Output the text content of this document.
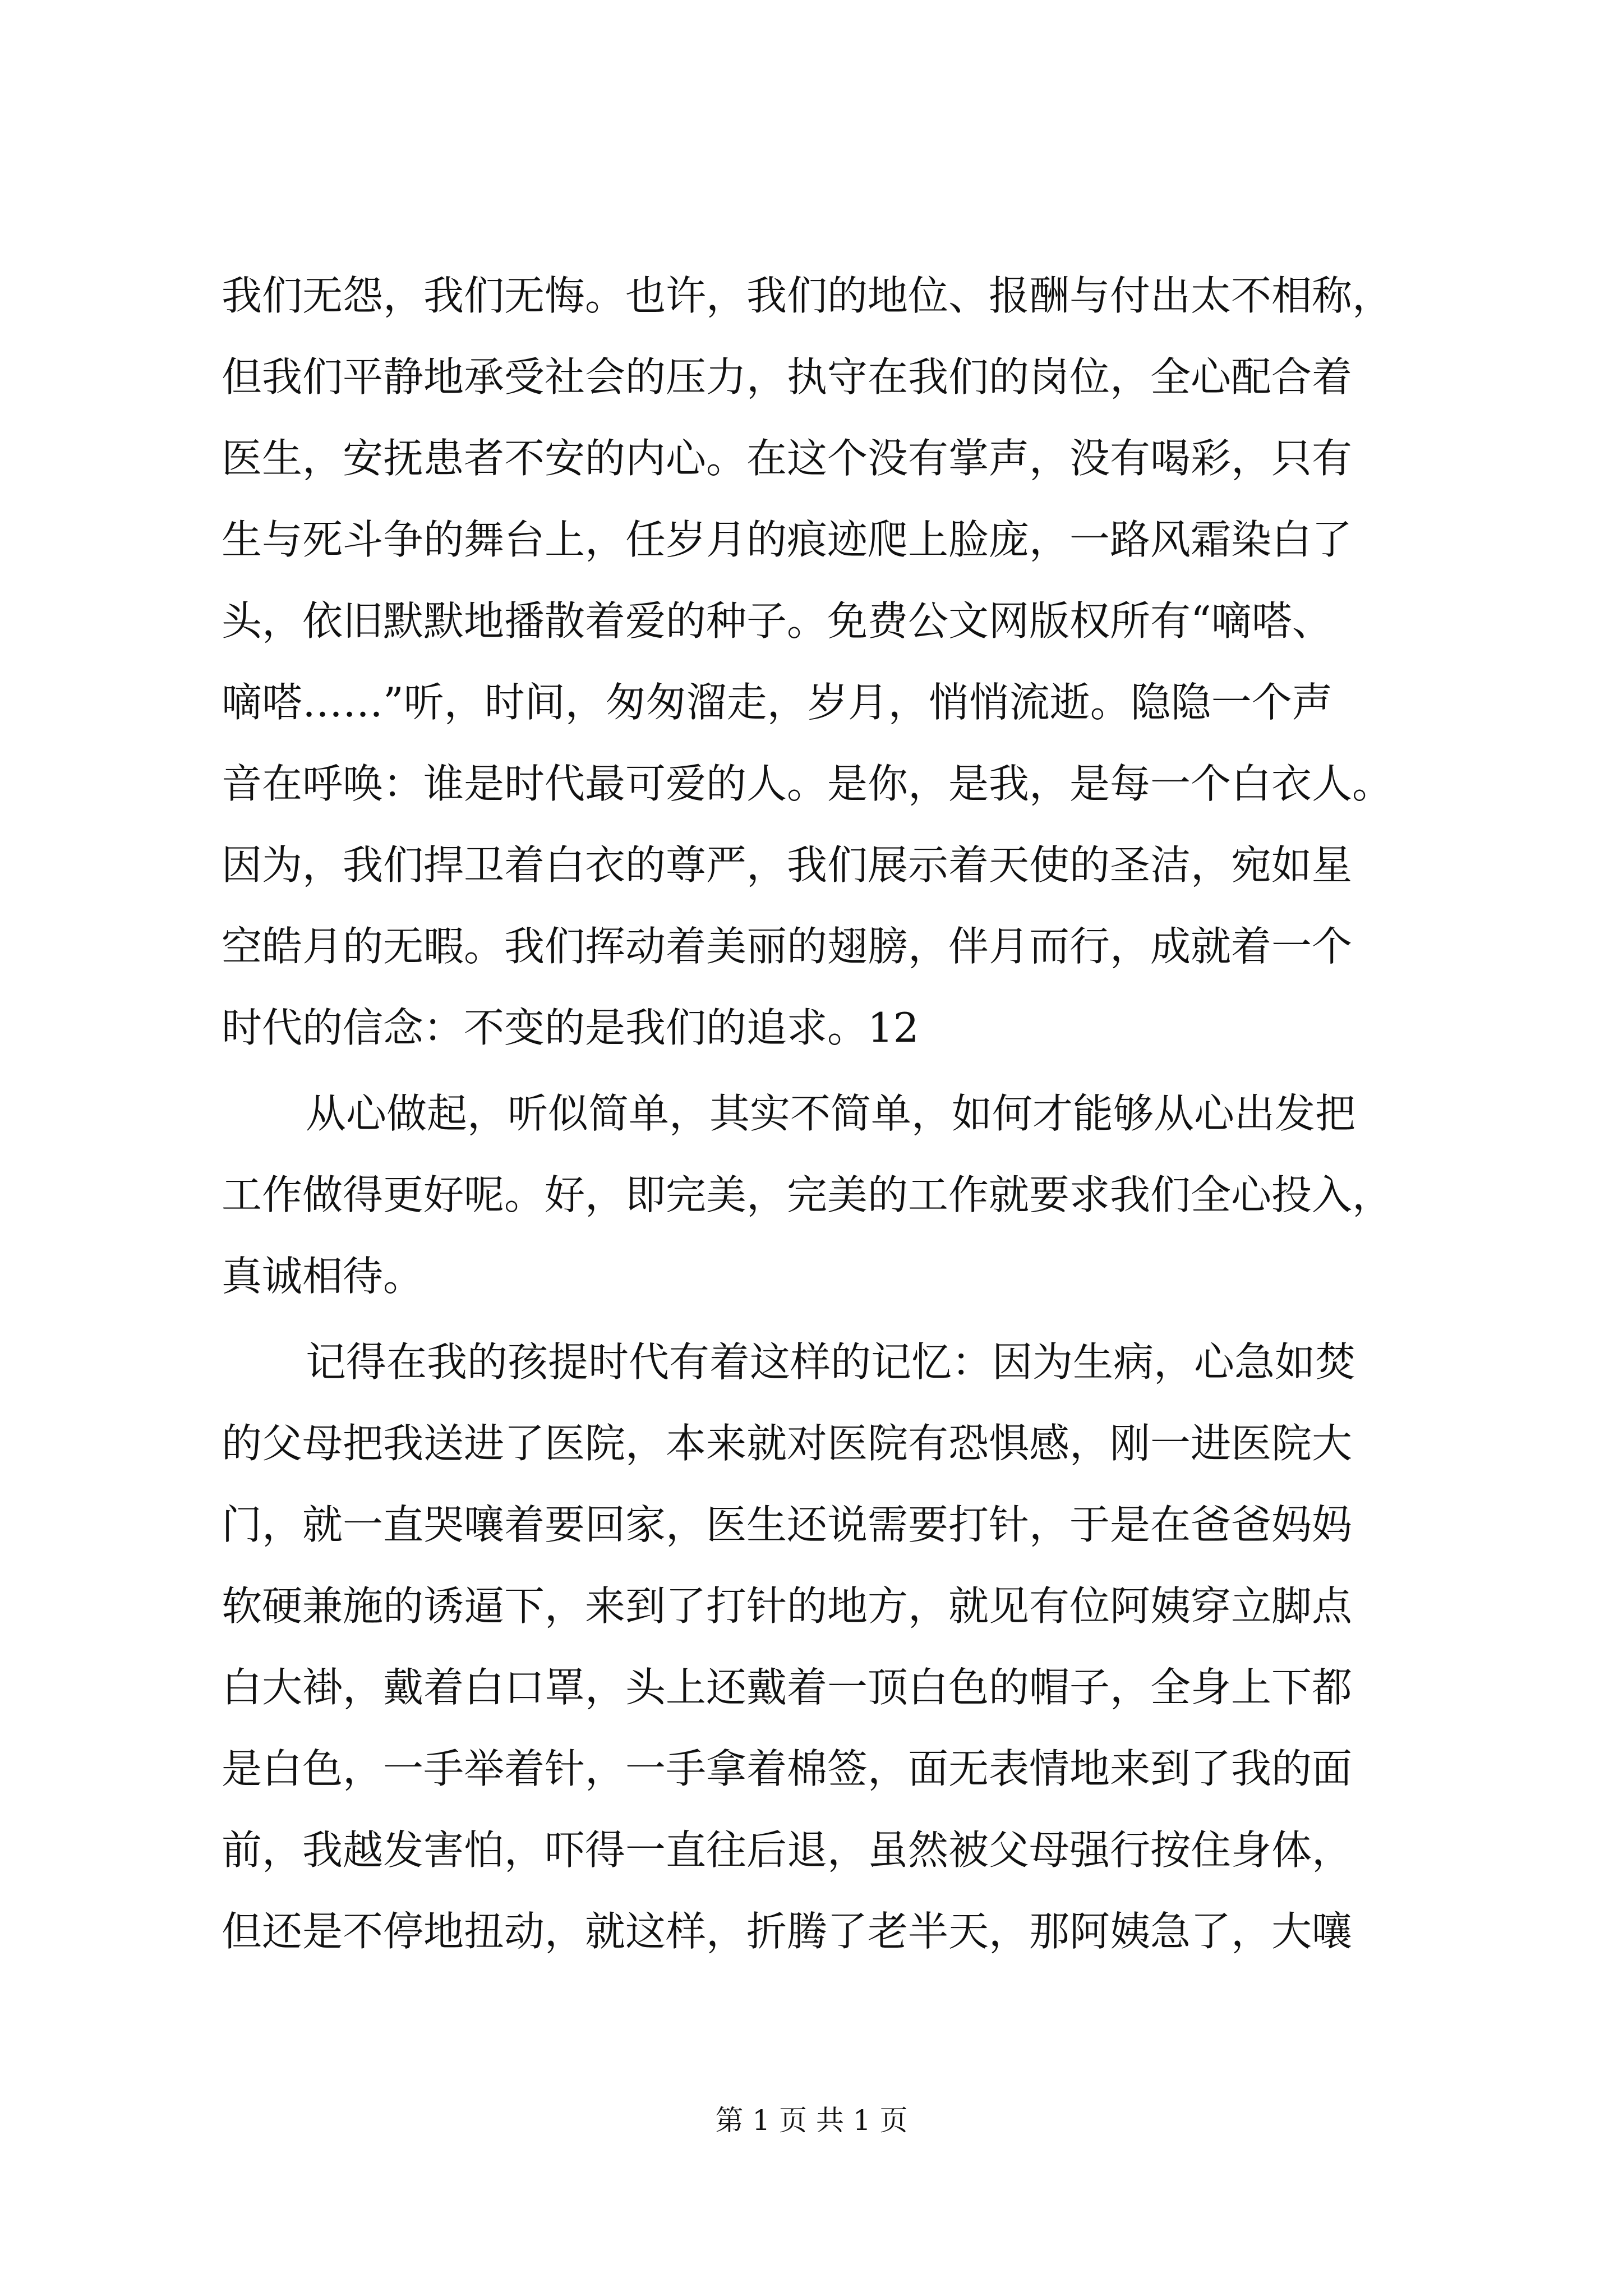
我们无怨，我们无悔。也许，我们的地位、报酬与付出太不相称，
但我们平静地承受社会的压力，执守在我们的岗位，全心配合着
医生，安抚患者不安的内心。在这个没有掌声，没有喝彩，只有
生与死斗争的舞台上，任岁月的痕迹爬上脸庞，一路风霜染白了
头，依旧默默地播散着爱的种子。免费公文网版权所有“嘀嗒、
嘀嗒……”听，时间，匆匆溜走，岁月，悄悄流逝。隐隐一个声
音在呼唤：谁是时代最可爱的人。是你，是我，是每一个白衣人。
因为，我们捍卫着白衣的尊严，我们展示着天使的圣洁，宛如星
空皓月的无暇。我们挥动着美丽的翅膀，伴月而行，成就着一个
时代的信念：不变的是我们的追求。12
从心做起，听似简单，其实不简单，如何才能够从心出发把
工作做得更好呢。好，即完美，完美的工作就要求我们全心投入，
真诚相待。
记得在我的孩提时代有着这样的记忆：因为生病，心急如焚
的父母把我送进了医院，本来就对医院有恐惧感，刚一进医院大
门，就一直哭嚷着要回家，医生还说需要打针，于是在爸爸妈妈
软硬兼施的诱逼下，来到了打针的地方，就见有位阿姨穿立脚点
白大褂，戴着白口罩，头上还戴着一顶白色的帽子，全身上下都
是白色，一手举着针，一手拿着棉签，面无表情地来到了我的面
前，我越发害怕，吓得一直往后退，虽然被父母强行按住身体，
但还是不停地扭动，就这样，折腾了老半天，那阿姨急了，大嚷
第 1 页 共 1 页
